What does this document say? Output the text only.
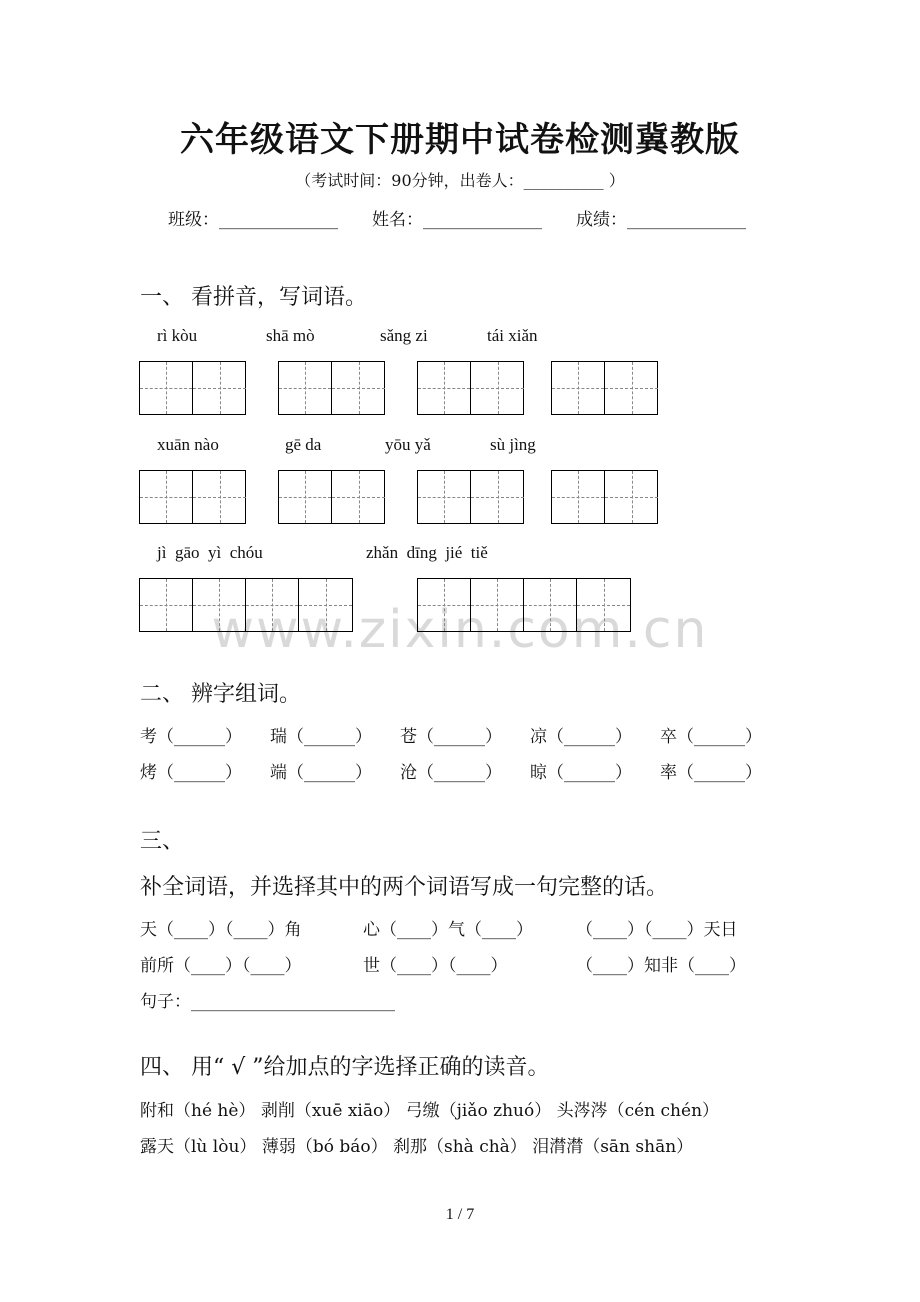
六年级语文下册期中试卷检测冀教版
（考试时间：90分钟，出卷人：__________ ）
班级：______________ 姓名：______________ 成绩：______________
www.zixin.com.cn
一、 看拼音，写词语。
rì kòu	shā mò	sǎng zi	tái xiǎn
xuān nào	gē da	yōu yǎ	sù jìng
jì  gāo  yì  chóu	zhǎn  dīng  jié  tiě
二、 辨字组词。
考（______） 瑞（______） 苍（______） 凉（______） 卒（______）
烤（______） 端（______） 沧（______） 晾（______） 率（______）
三、
补全词语，并选择其中的两个词语写成一句完整的话。
天（____）（____）角	心（____）气（____）	（____）（____）天日
前所（____）（____）	世（____）（____）	（____）知非（____）
句子：________________________
四、 用“ √ ”给加点的字选择正确的读音。
附和（hé hè） 剥削（xuē xiāo） 弓缴（jiǎo zhuó） 头涔涔（cén chén）
露天（lù lòu） 薄弱（bó báo） 刹那（shà chà） 泪潸潸（sān shān）
1 / 7
